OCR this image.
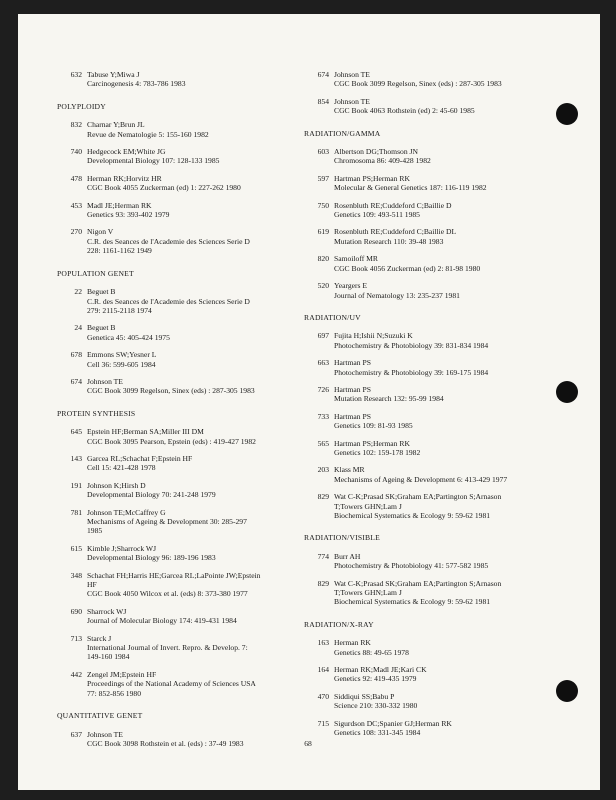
632 Tabuse Y;Miwa J
Carcinogenesis 4: 783-786 1983
POLYPLOIDY
832 Charnar Y;Brun JL
Revue de Nematologie 5: 155-160 1982
740 Hedgecock EM;White JG
Developmental Biology 107: 128-133 1985
478 Herman RK;Horvitz HR
CGC Book 4055 Zuckerman (ed) 1: 227-262 1980
453 Madl JE;Herman RK
Genetics 93: 393-402 1979
270 Nigon V
C.R. des Seances de l'Academie des Sciences Serie D
228: 1161-1162 1949
POPULATION GENET
22 Beguet B
C.R. des Seances de l'Academie des Sciences Serie D
279: 2115-2118 1974
24 Beguet B
Genetica 45: 405-424 1975
678 Emmons SW;Yesner L
Cell 36: 599-605 1984
674 Johnson TE
CGC Book 3099 Regelson, Sinex (eds) : 287-305 1983
PROTEIN SYNTHESIS
645 Epstein HF;Berman SA;Miller III DM
CGC Book 3095 Pearson, Epstein (eds) : 419-427 1982
143 Garcea RL;Schachat F;Epstein HF
Cell 15: 421-428 1978
191 Johnson K;Hirsh D
Developmental Biology 70: 241-248 1979
781 Johnson TE;McCaffrey G
Mechanisms of Ageing & Development 30: 285-297
1985
615 Kimble J;Sharrock WJ
Developmental Biology 96: 189-196 1983
348 Schachat FH;Harris HE;Garcea RL;LaPointe JW;Epstein
HF
CGC Book 4050 Wilcox et al. (eds) 8: 373-380 1977
690 Sharrock WJ
Journal of Molecular Biology 174: 419-431 1984
713 Starck J
International Journal of Invert. Repro. & Develop. 7:
149-160 1984
442 Zengel JM;Epstein HF
Proceedings of the National Academy of Sciences USA
77: 852-856 1980
QUANTITATIVE GENET
637 Johnson TE
CGC Book 3098 Rothstein et al. (eds) : 37-49 1983
674 Johnson TE
CGC Book 3099 Regelson, Sinex (eds) : 287-305 1983
854 Johnson TE
CGC Book 4063 Rothstein (ed) 2: 45-60 1985
RADIATION/GAMMA
603 Albertson DG;Thomson JN
Chromosoma 86: 409-428 1982
597 Hartman PS;Herman RK
Molecular & General Genetics 187: 116-119 1982
750 Rosenbluth RE;Cuddeford C;Baillie D
Genetics 109: 493-511 1985
619 Rosenbluth RE;Cuddeford C;Baillie DL
Mutation Research 110: 39-48 1983
820 Samoiloff MR
CGC Book 4056 Zuckerman (ed) 2: 81-98 1980
520 Yeargers E
Journal of Nematology 13: 235-237 1981
RADIATION/UV
697 Fujita H;Ishii N;Suzuki K
Photochemistry & Photobiology 39: 831-834 1984
663 Hartman PS
Photochemistry & Photobiology 39: 169-175 1984
726 Hartman PS
Mutation Research 132: 95-99 1984
733 Hartman PS
Genetics 109: 81-93 1985
565 Hartman PS;Herman RK
Genetics 102: 159-178 1982
203 Klass MR
Mechanisms of Ageing & Development 6: 413-429 1977
829 Wat C-K;Prasad SK;Graham EA;Partington S;Arnason
T;Towers GHN;Lam J
Biochemical Systematics & Ecology 9: 59-62 1981
RADIATION/VISIBLE
774 Burr AH
Photochemistry & Photobiology 41: 577-582 1985
829 Wat C-K;Prasad SK;Graham EA;Partington S;Arnason
T;Towers GHN;Lam J
Biochemical Systematics & Ecology 9: 59-62 1981
RADIATION/X-RAY
163 Herman RK
Genetics 88: 49-65 1978
164 Herman RK;Madl JE;Kari CK
Genetics 92: 419-435 1979
470 Siddiqui SS;Babu P
Science 210: 330-332 1980
715 Sigurdson DC;Spanier GJ;Herman RK
Genetics 108: 331-345 1984
68
